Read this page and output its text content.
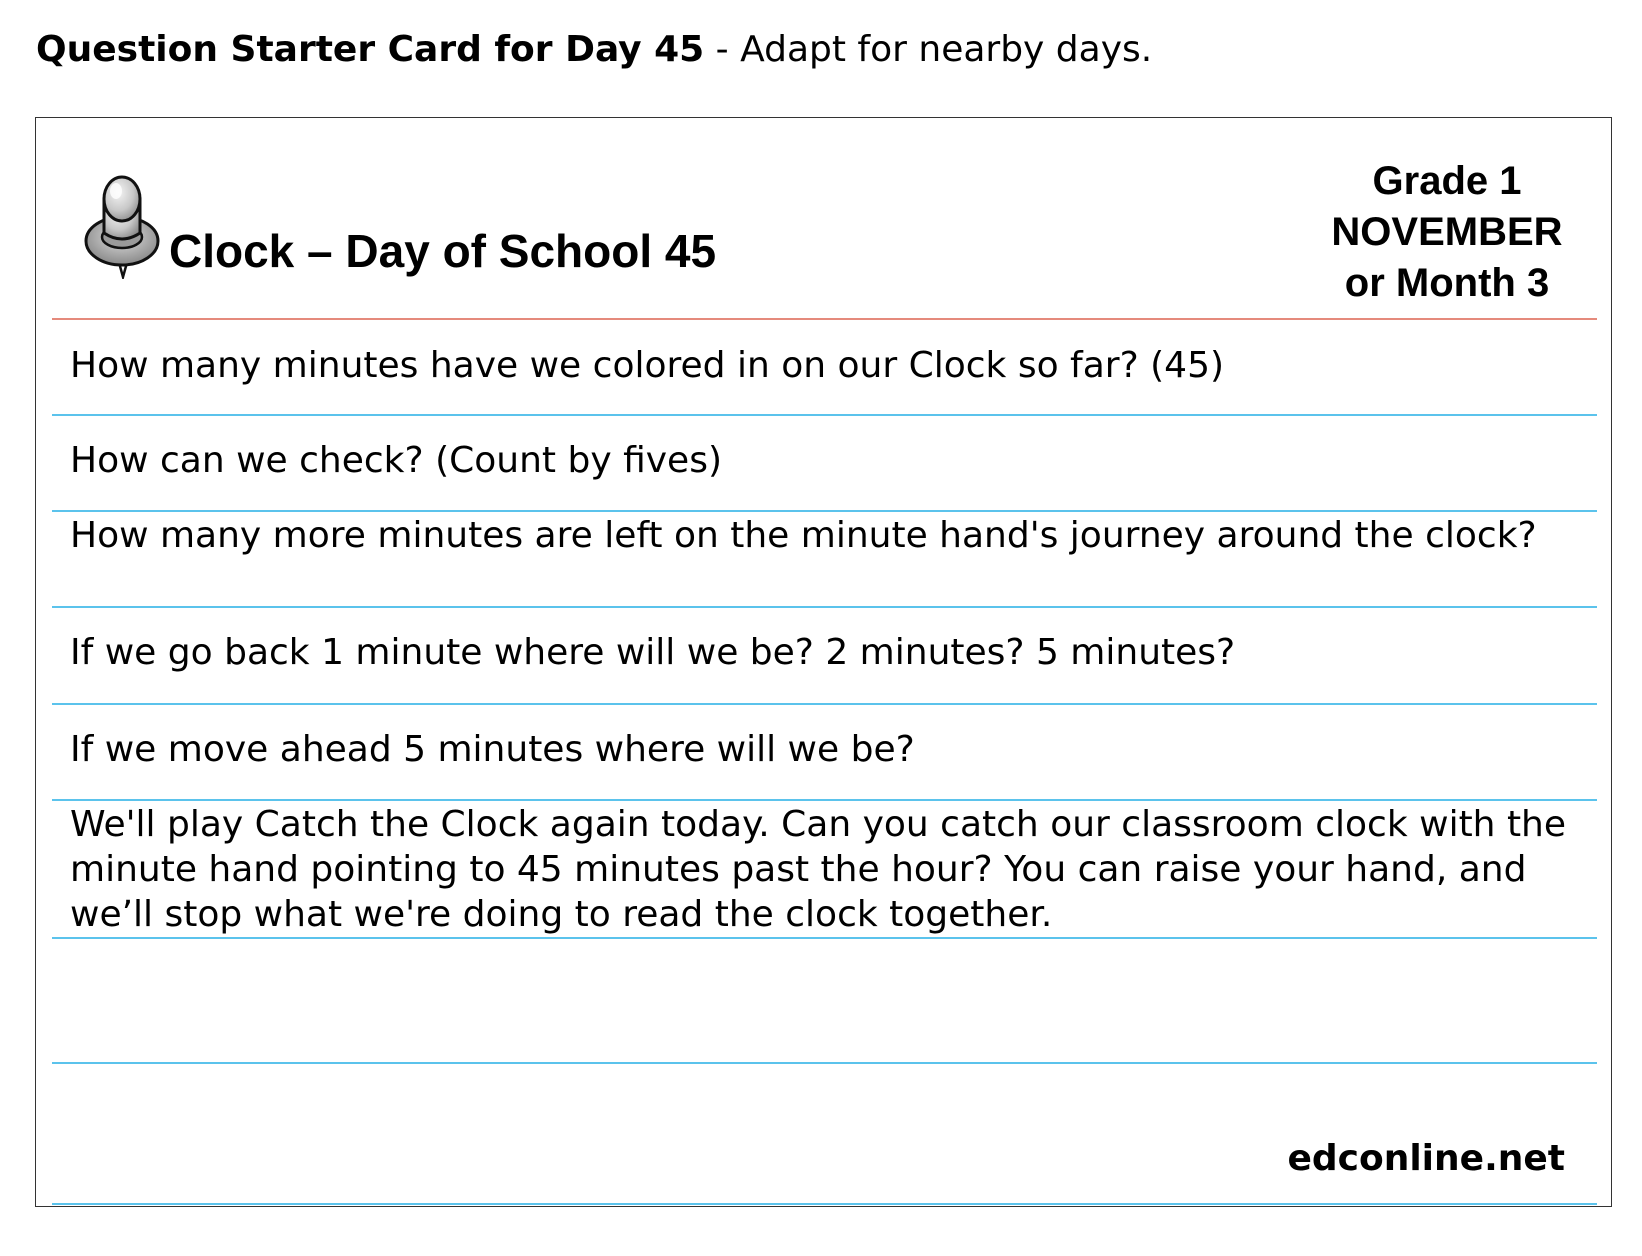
Question Starter Card for Day 45 - Adapt for nearby days.
Clock – Day of School 45
Grade 1
NOVEMBER
or Month 3
How many minutes have we colored in on our Clock so far? (45)
How can we check? (Count by fives)
How many more minutes are left on the minute hand's journey around the clock?
If we go back 1 minute where will we be? 2 minutes? 5 minutes?
If we move ahead 5 minutes where will we be?
We'll play Catch the Clock again today. Can you catch our classroom clock with the minute hand pointing to 45 minutes past the hour? You can raise your hand, and we’ll stop what we're doing to read the clock together.
edconline.net
